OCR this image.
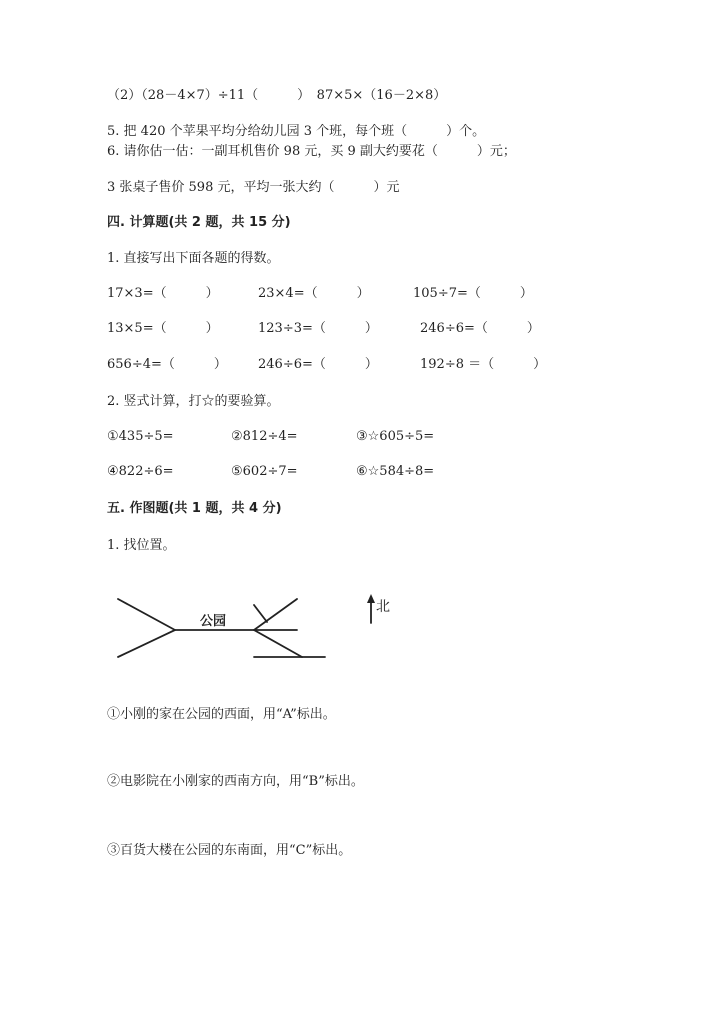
（2）（28－4×7）÷11（　　　）　87×5×（16－2×8）
5. 把 420 个苹果平均分给幼儿园 3 个班，每个班（　　　）个。
6. 请你估一估：一副耳机售价 98 元，买 9 副大约要花（　　　）元；
3 张桌子售价 598 元，平均一张大约（　　　）元
四. 计算题(共 2 题，共 15 分)
1. 直接写出下面各题的得数。
17×3=（　　　）	23×4=（　　　）	105÷7=（　　　）
13×5=（　　　）	123÷3=（　　　）	246÷6=（　　　）
656÷4=（　　　） 246÷6=（　　　）	192÷8 ＝（　　　）
2. 竖式计算，打☆的要验算。
①435÷5=	②812÷4=	③☆605÷5=
④822÷6=	⑤602÷7=	⑥☆584÷8=
五. 作图题(共 1 题，共 4 分)
1. 找位置。
公园
北
①小刚的家在公园的西面，用“A”标出。
②电影院在小刚家的西南方向，用“B”标出。
③百货大楼在公园的东南面，用“C”标出。
